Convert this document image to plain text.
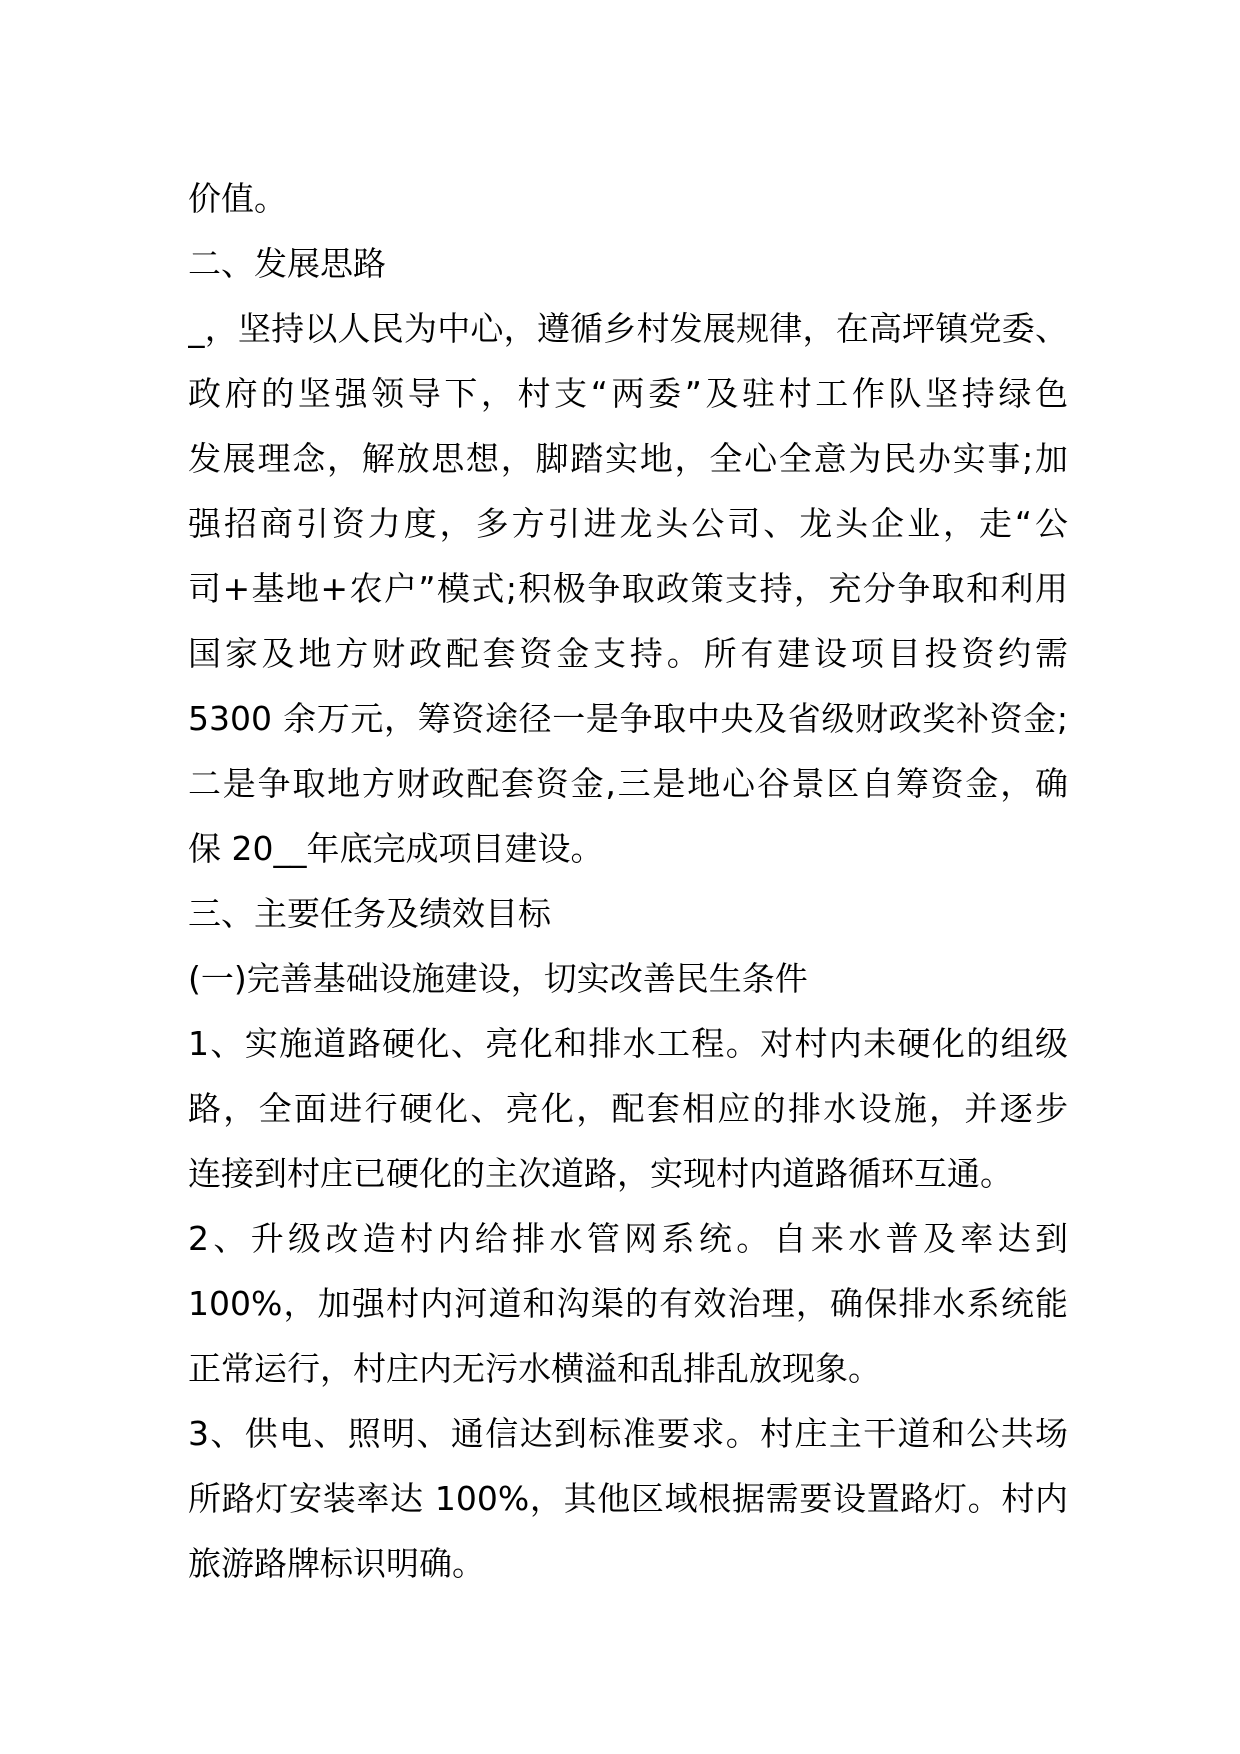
价值。
二、发展思路
_，坚持以人民为中心，遵循乡村发展规律，在高坪镇党委、
政府的坚强领导下，村支“两委”及驻村工作队坚持绿色
发展理念，解放思想，脚踏实地，全心全意为民办实事;加
强招商引资力度，多方引进龙头公司、龙头企业，走“公
司+基地+农户”模式;积极争取政策支持，充分争取和利用
国家及地方财政配套资金支持。所有建设项目投资约需
5300 余万元，筹资途径一是争取中央及省级财政奖补资金;
二是争取地方财政配套资金,三是地心谷景区自筹资金，确
保 20__年底完成项目建设。
三、主要任务及绩效目标
(一)完善基础设施建设，切实改善民生条件
1、实施道路硬化、亮化和排水工程。对村内未硬化的组级
路，全面进行硬化、亮化，配套相应的排水设施，并逐步
连接到村庄已硬化的主次道路，实现村内道路循环互通。
2、升级改造村内给排水管网系统。自来水普及率达到
100%，加强村内河道和沟渠的有效治理，确保排水系统能
正常运行，村庄内无污水横溢和乱排乱放现象。
3、供电、照明、通信达到标准要求。村庄主干道和公共场
所路灯安装率达 100%，其他区域根据需要设置路灯。村内
旅游路牌标识明确。
